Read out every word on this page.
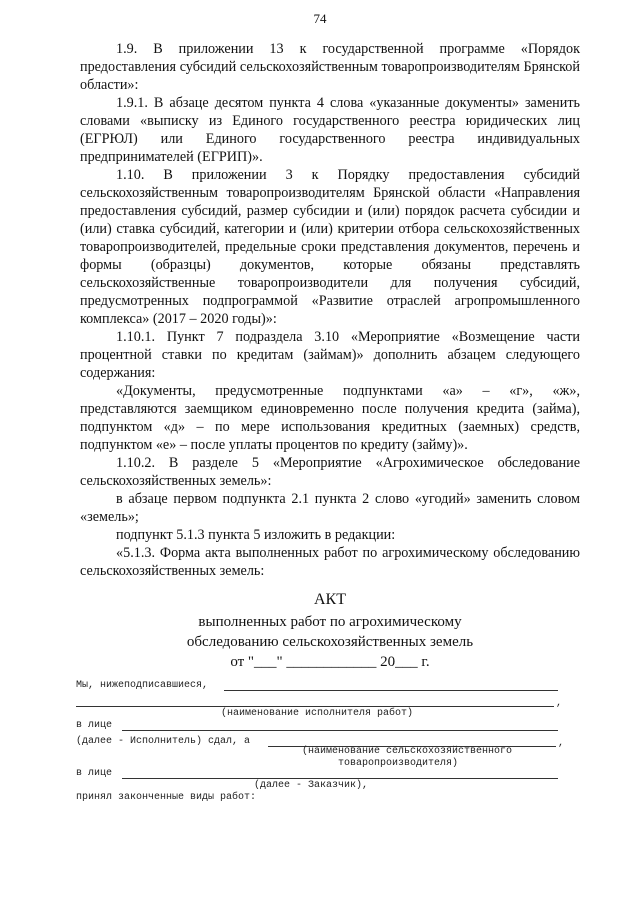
74

1.9. В приложении 13 к государственной программе «Порядок предоставления субсидий сельскохозяйственным товаропроизводителям Брянской области»:

1.9.1. В абзаце десятом пункта 4 слова «указанные документы» заменить словами «выписку из Единого государственного реестра юридических лиц (ЕГРЮЛ) или Единого государственного реестра индивидуальных предпринимателей (ЕГРИП)».

1.10. В приложении 3 к Порядку предоставления субсидий сельскохозяйственным товаропроизводителям Брянской области «Направления предоставления субсидий, размер субсидии и (или) порядок расчета субсидии и (или) ставка субсидий, категории и (или) критерии отбора сельскохозяйственных товаропроизводителей, предельные сроки представления документов, перечень и формы (образцы) документов, которые обязаны представлять сельскохозяйственные товаропроизводители для получения субсидий, предусмотренных подпрограммой «Развитие отраслей агропромышленного комплекса» (2017 – 2020 годы)»:

1.10.1. Пункт 7 подраздела 3.10 «Мероприятие «Возмещение части процентной ставки по кредитам (займам)» дополнить абзацем следующего содержания:

«Документы, предусмотренные подпунктами «а» – «г», «ж», представляются заемщиком единовременно после получения кредита (займа), подпунктом «д» – по мере использования кредитных (заемных) средств, подпунктом «е» – после уплаты процентов по кредиту (займу)».

1.10.2. В разделе 5 «Мероприятие «Агрохимическое обследование сельскохозяйственных земель»:

в абзаце первом подпункта 2.1 пункта 2 слово «угодий» заменить словом «земель»;

подпункт 5.1.3 пункта 5 изложить в редакции:

«5.1.3. Форма акта выполненных работ по агрохимическому обследованию сельскохозяйственных земель:

АКТ
выполненных работ по агрохимическому
обследованию сельскохозяйственных земель
от "___" ____________ 20___ г.
Мы, нижеподписавшиеся,
,
(наименование исполнителя работ)
в лице
(далее - Исполнитель) сдал, а	,
(наименование сельскохозяйственного
товаропроизводителя)
в лице
(далее - Заказчик),
принял законченные виды работ:
